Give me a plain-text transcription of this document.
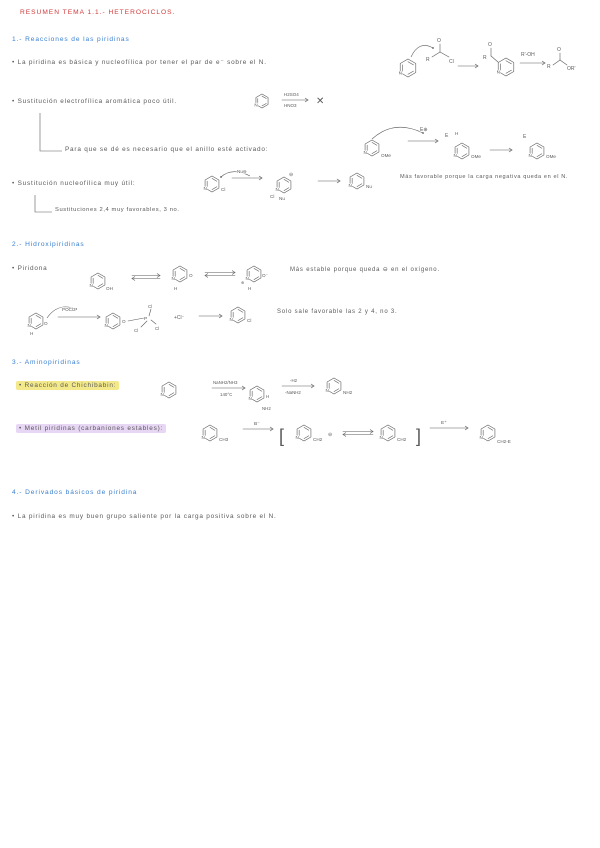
RESUMEN TEMA 1.1.- HETEROCICLOS.
1.- Reacciones de las piridinas
• La piridina es básica y nucleofílica por tener el par de e⁻ sobre el N.
• Sustitución electrofílica aromática poco útil.
Para que se dé es necesario que el anillo esté activado:
• Sustitución nucleofílica muy útil:
Más favorable porque la carga negativa queda en el N.
Sustituciones 2,4 muy favorables, 3 no.
2.- Hidroxipiridinas
• Piridona	Más estable porque queda ⊖ en el oxígeno.
Solo sale favorable las 2 y 4, no 3.
3.- Aminopiridinas
• Reacción de Chichibabin:
• Metil piridinas (carbaniones estables):
4.- Derivados básicos de piridina
• La piridina es muy buen grupo saliente por la carga positiva sobre el N.
N
R
O
Cl
N
R
O
R'-OH
R
O
OR'
N
H2SO4
HNO3 ✕
N
OMe
E⊕
N
E H
OMe	N
E
OMe
N	Cl
Nu⊖
N
Cl Nu
⊖
N	Nu
N
OH
N
O
H
N
O⁻
H
⊕
N
H
O
POCl3
N
O	P
Cl
Cl	Cl
+Cl⁻	N	Cl
N
NaNH2/NH3
140°C
N	H
NH2
-H2
-NaNH2	N	NH2
N	CH3
B⁻
[ N	CH2
⊖	N	CH2 ]
E⁺
N
CH2-E
